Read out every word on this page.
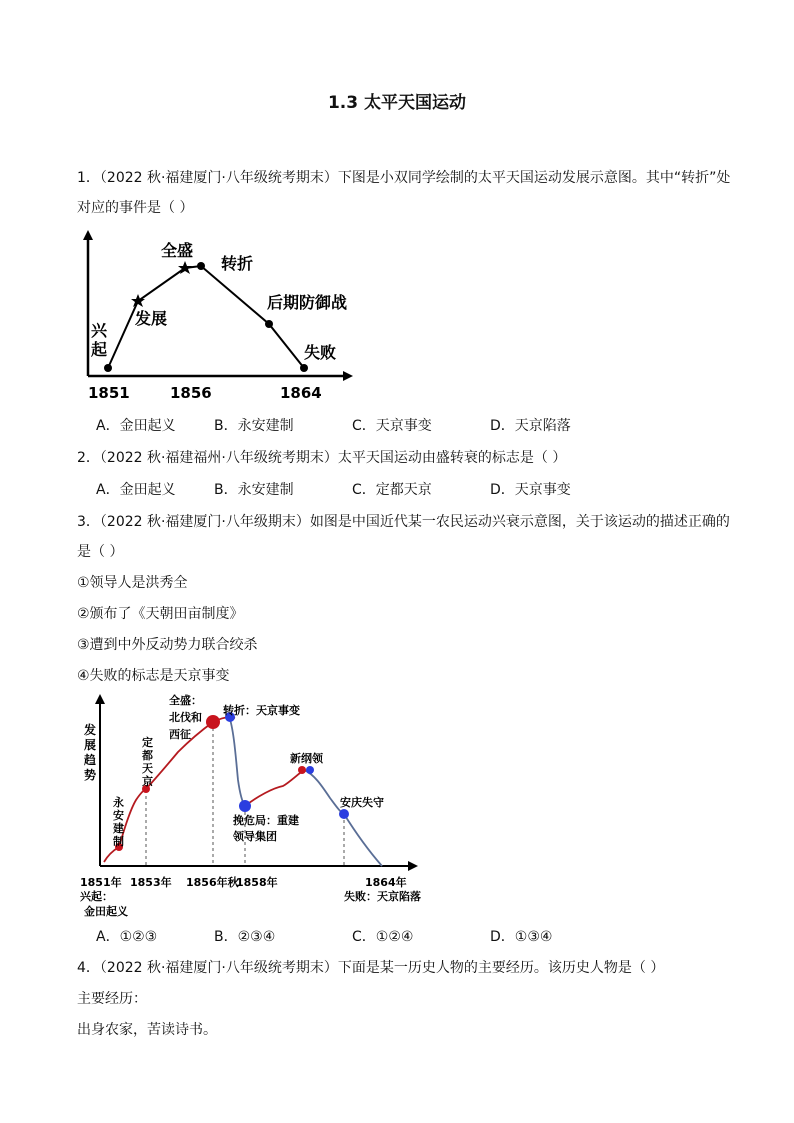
1.3 太平天国运动
1．（2022 秋·福建厦门·八年级统考期末）下图是小双同学绘制的太平天国运动发展示意图。其中“转折”处
对应的事件是（ ）
兴
起
发展
全盛
转折
后期防御战
失败
1851	1856	1864
A．金田起义	B．永安建制	C．天京事变	D．天京陷落
2．（2022 秋·福建福州·八年级统考期末）太平天国运动由盛转衰的标志是（ ）
A．金田起义	B．永安建制	C．定都天京	D．天京事变
3．（2022 秋·福建厦门·八年级期末）如图是中国近代某一农民运动兴衰示意图，关于该运动的描述正确的
是（ ）
①领导人是洪秀全
②颁布了《天朝田亩制度》
③遭到中外反动势力联合绞杀
④失败的标志是天京事变
发
展
趋
势
全盛：
北伐和
西征
转折：天京事变
定
都
天
京
永
安
建
制
新纲领
安庆失守
挽危局：重建
领导集团
1851年 1853年 1856年秋
1858年	1864年
兴起：
金田起义
失败：天京陷落
A．①②③	B．②③④	C．①②④	D．①③④
4．（2022 秋·福建厦门·八年级统考期末）下面是某一历史人物的主要经历。该历史人物是（ ）
主要经历：
出身农家，苦读诗书。
